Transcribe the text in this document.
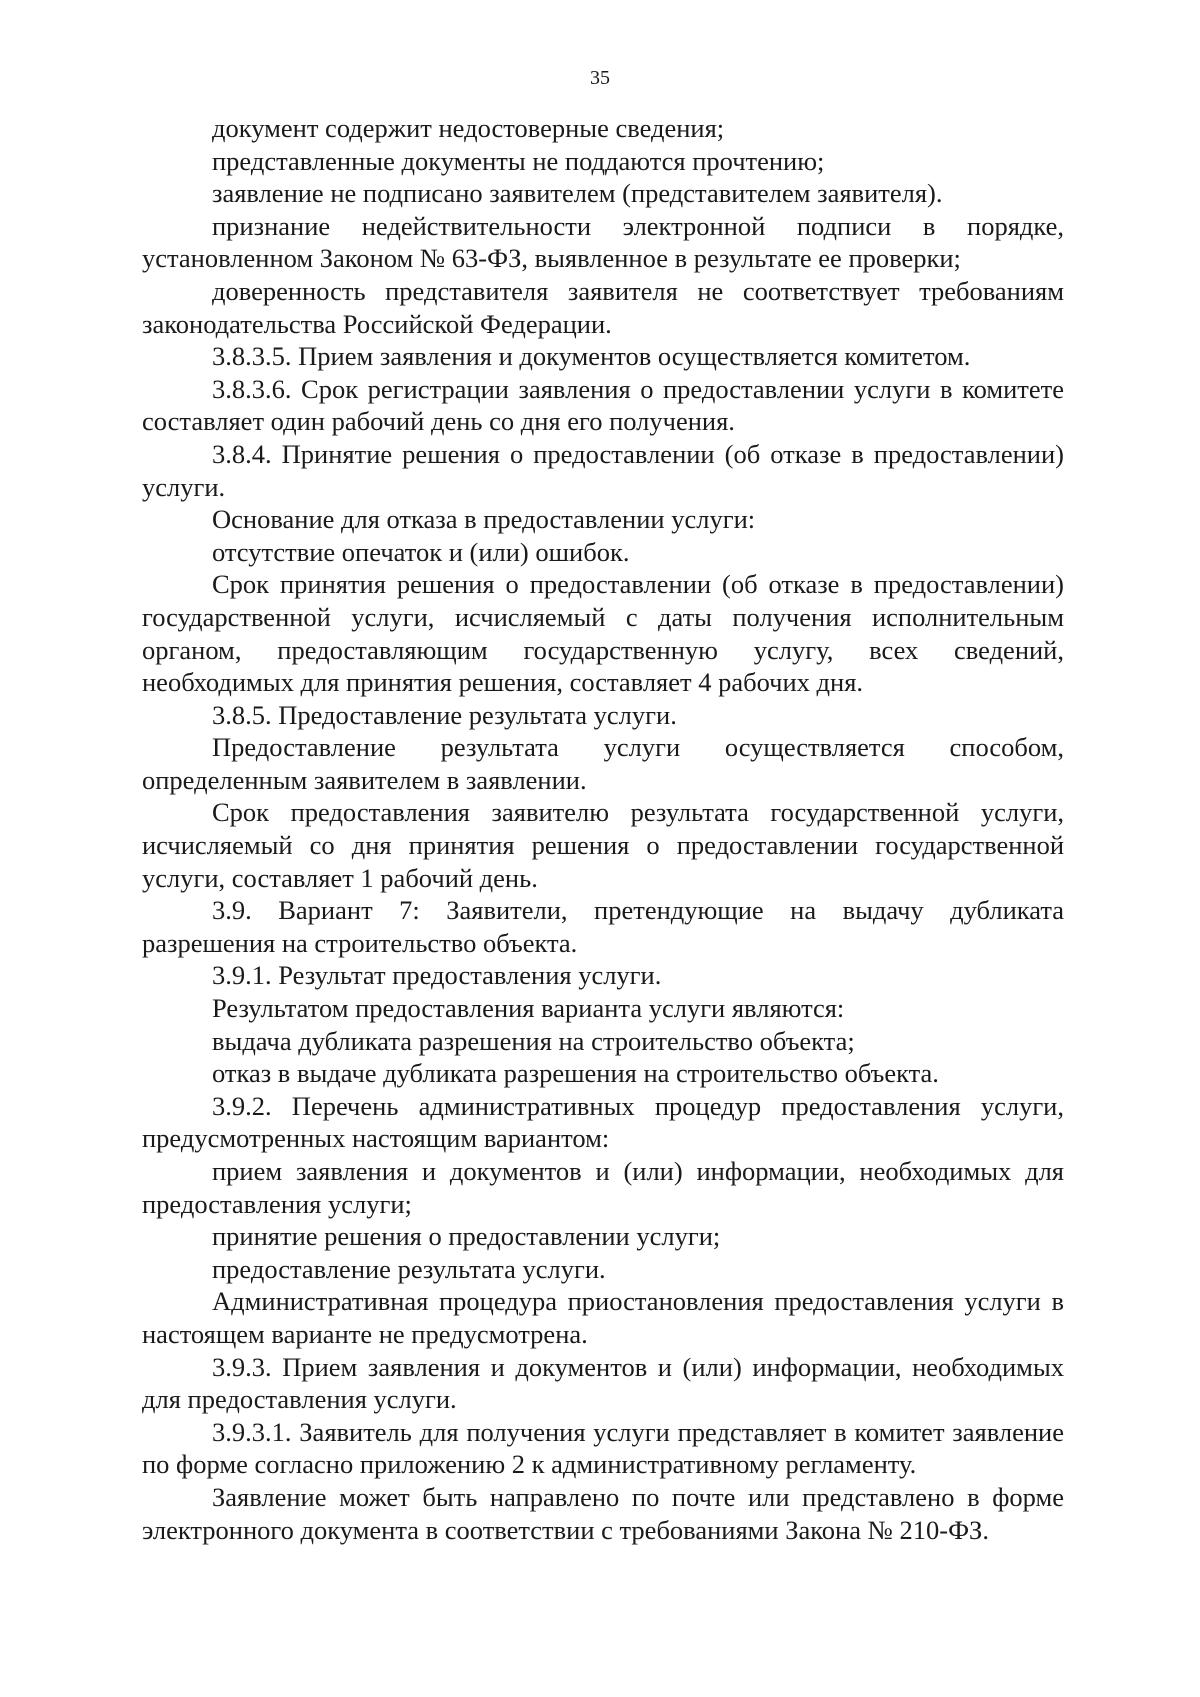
35

документ содержит недостоверные сведения;

представленные документы не поддаются прочтению;

заявление не подписано заявителем (представителем заявителя).

признание недействительности электронной подписи в порядке, установленном Законом № 63-ФЗ, выявленное в результате ее проверки;

доверенность представителя заявителя не соответствует требованиям законодательства Российской Федерации.

3.8.3.5. Прием заявления и документов осуществляется комитетом.

3.8.3.6. Срок регистрации заявления о предоставлении услуги в комитете составляет один рабочий день со дня его получения.

3.8.4. Принятие решения о предоставлении (об отказе в предоставлении) услуги.

Основание для отказа в предоставлении услуги:

отсутствие опечаток и (или) ошибок.

Срок принятия решения о предоставлении (об отказе в предоставлении) государственной услуги, исчисляемый с даты получения исполнительным органом, предоставляющим государственную услугу, всех сведений, необходимых для принятия решения, составляет 4 рабочих дня.

3.8.5. Предоставление результата услуги.

Предоставление результата услуги осуществляется способом, определенным заявителем в заявлении.

Срок предоставления заявителю результата государственной услуги, исчисляемый со дня принятия решения о предоставлении государственной услуги, составляет 1 рабочий день.

3.9. Вариант 7: Заявители, претендующие на выдачу дубликата разрешения на строительство объекта.

3.9.1. Результат предоставления услуги.

Результатом предоставления варианта услуги являются:

выдача дубликата разрешения на строительство объекта;

отказ в выдаче дубликата разрешения на строительство объекта.

3.9.2. Перечень административных процедур предоставления услуги, предусмотренных настоящим вариантом:

прием заявления и документов и (или) информации, необходимых для предоставления услуги;

принятие решения о предоставлении услуги;

предоставление результата услуги.

Административная процедура приостановления предоставления услуги в настоящем варианте не предусмотрена.

3.9.3. Прием заявления и документов и (или) информации, необходимых для предоставления услуги.

3.9.3.1. Заявитель для получения услуги представляет в комитет заявление по форме согласно приложению 2 к административному регламенту.

Заявление может быть направлено по почте или представлено в форме электронного документа в соответствии с требованиями Закона № 210-ФЗ.
